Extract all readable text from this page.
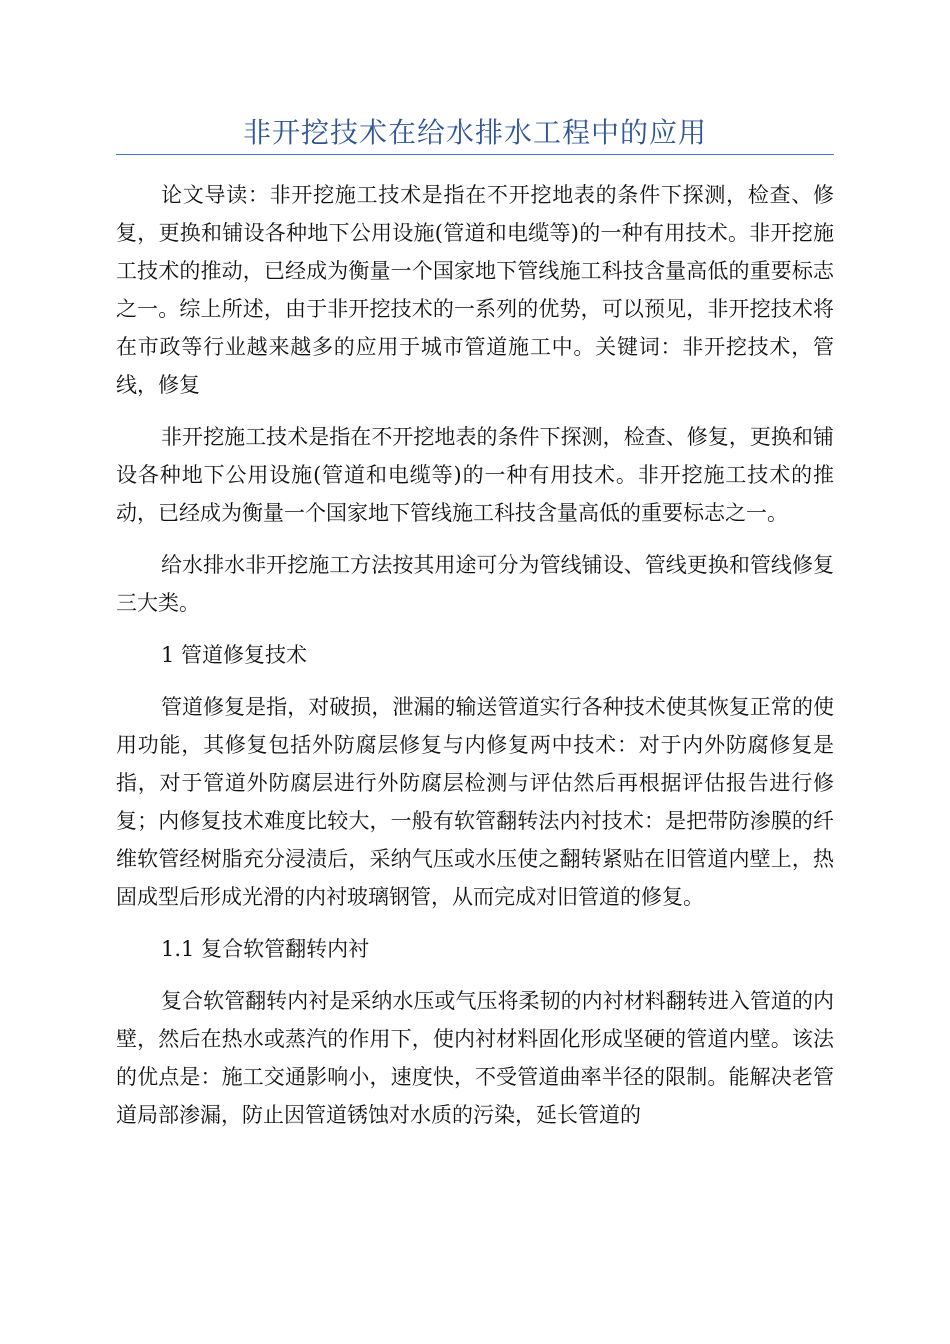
非开挖技术在给水排水工程中的应用

论文导读：非开挖施工技术是指在不开挖地表的条件下探测，检查、修复，更换和铺设各种地下公用设施(管道和电缆等)的一种有用技术。非开挖施工技术的推动，已经成为衡量一个国家地下管线施工科技含量高低的重要标志之一。综上所述，由于非开挖技术的一系列的优势，可以预见，非开挖技术将在市政等行业越来越多的应用于城市管道施工中。关键词：非开挖技术，管线，修复

非开挖施工技术是指在不开挖地表的条件下探测，检查、修复，更换和铺设各种地下公用设施(管道和电缆等)的一种有用技术。非开挖施工技术的推动，已经成为衡量一个国家地下管线施工科技含量高低的重要标志之一。

给水排水非开挖施工方法按其用途可分为管线铺设、管线更换和管线修复三大类。

1 管道修复技术

管道修复是指，对破损，泄漏的输送管道实行各种技术使其恢复正常的使用功能，其修复包括外防腐层修复与内修复两中技术：对于内外防腐修复是指，对于管道外防腐层进行外防腐层检测与评估然后再根据评估报告进行修复；内修复技术难度比较大，一般有软管翻转法内衬技术：是把带防渗膜的纤维软管经树脂充分浸渍后，采纳气压或水压使之翻转紧贴在旧管道内壁上，热固成型后形成光滑的内衬玻璃钢管，从而完成对旧管道的修复。

1.1 复合软管翻转内衬

复合软管翻转内衬是采纳水压或气压将柔韧的内衬材料翻转进入管道的内壁，然后在热水或蒸汽的作用下，使内衬材料固化形成坚硬的管道内壁。该法的优点是：施工交通影响小，速度快，不受管道曲率半径的限制。能解决老管道局部渗漏，防止因管道锈蚀对水质的污染，延长管道的
